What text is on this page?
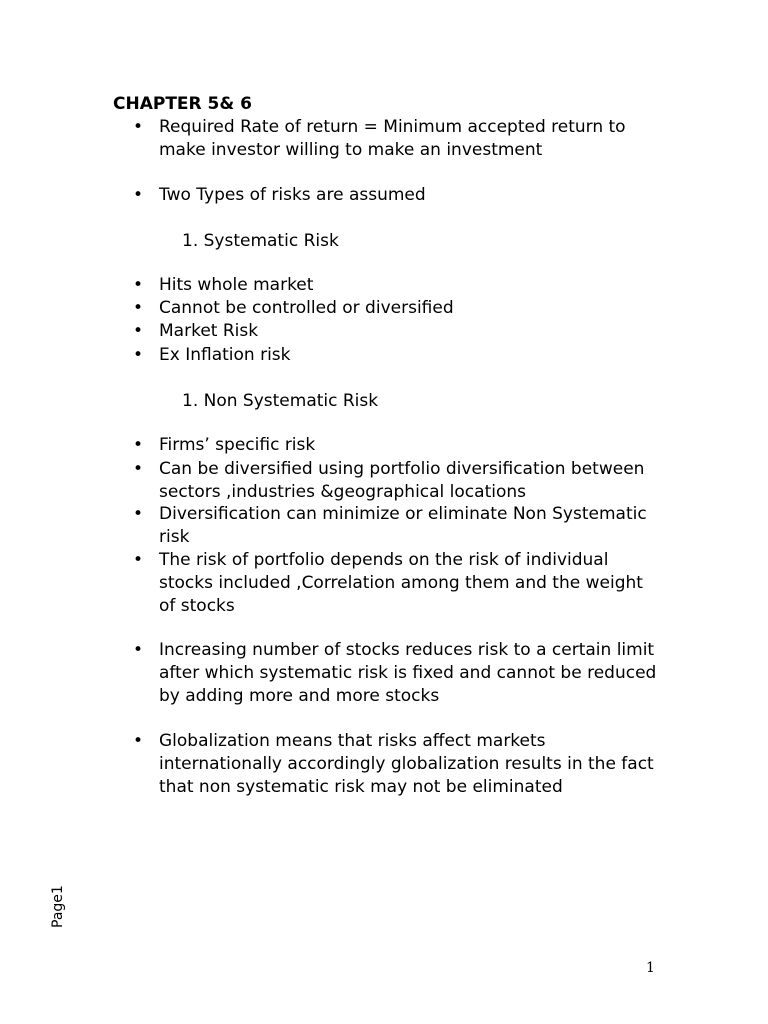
CHAPTER 5& 6
• Required Rate of return = Minimum accepted return to make investor willing to make an investment
• Two Types of risks are assumed
1. Systematic Risk
• Hits whole market
• Cannot be controlled or diversified
• Market Risk
• Ex Inflation risk
1. Non Systematic Risk
• Firms’ specific risk
• Can be diversified using portfolio diversification between sectors ,industries &geographical locations
• Diversification can minimize or eliminate Non Systematic risk
• The risk of portfolio depends on the risk of individual stocks included ,Correlation among them and the weight of stocks
• Increasing number of stocks reduces risk to a certain limit after which systematic risk is fixed and cannot be reduced by adding more and more stocks
• Globalization means that risks affect markets internationally accordingly globalization results in the fact that non systematic risk may not be eliminated
Page1
1
